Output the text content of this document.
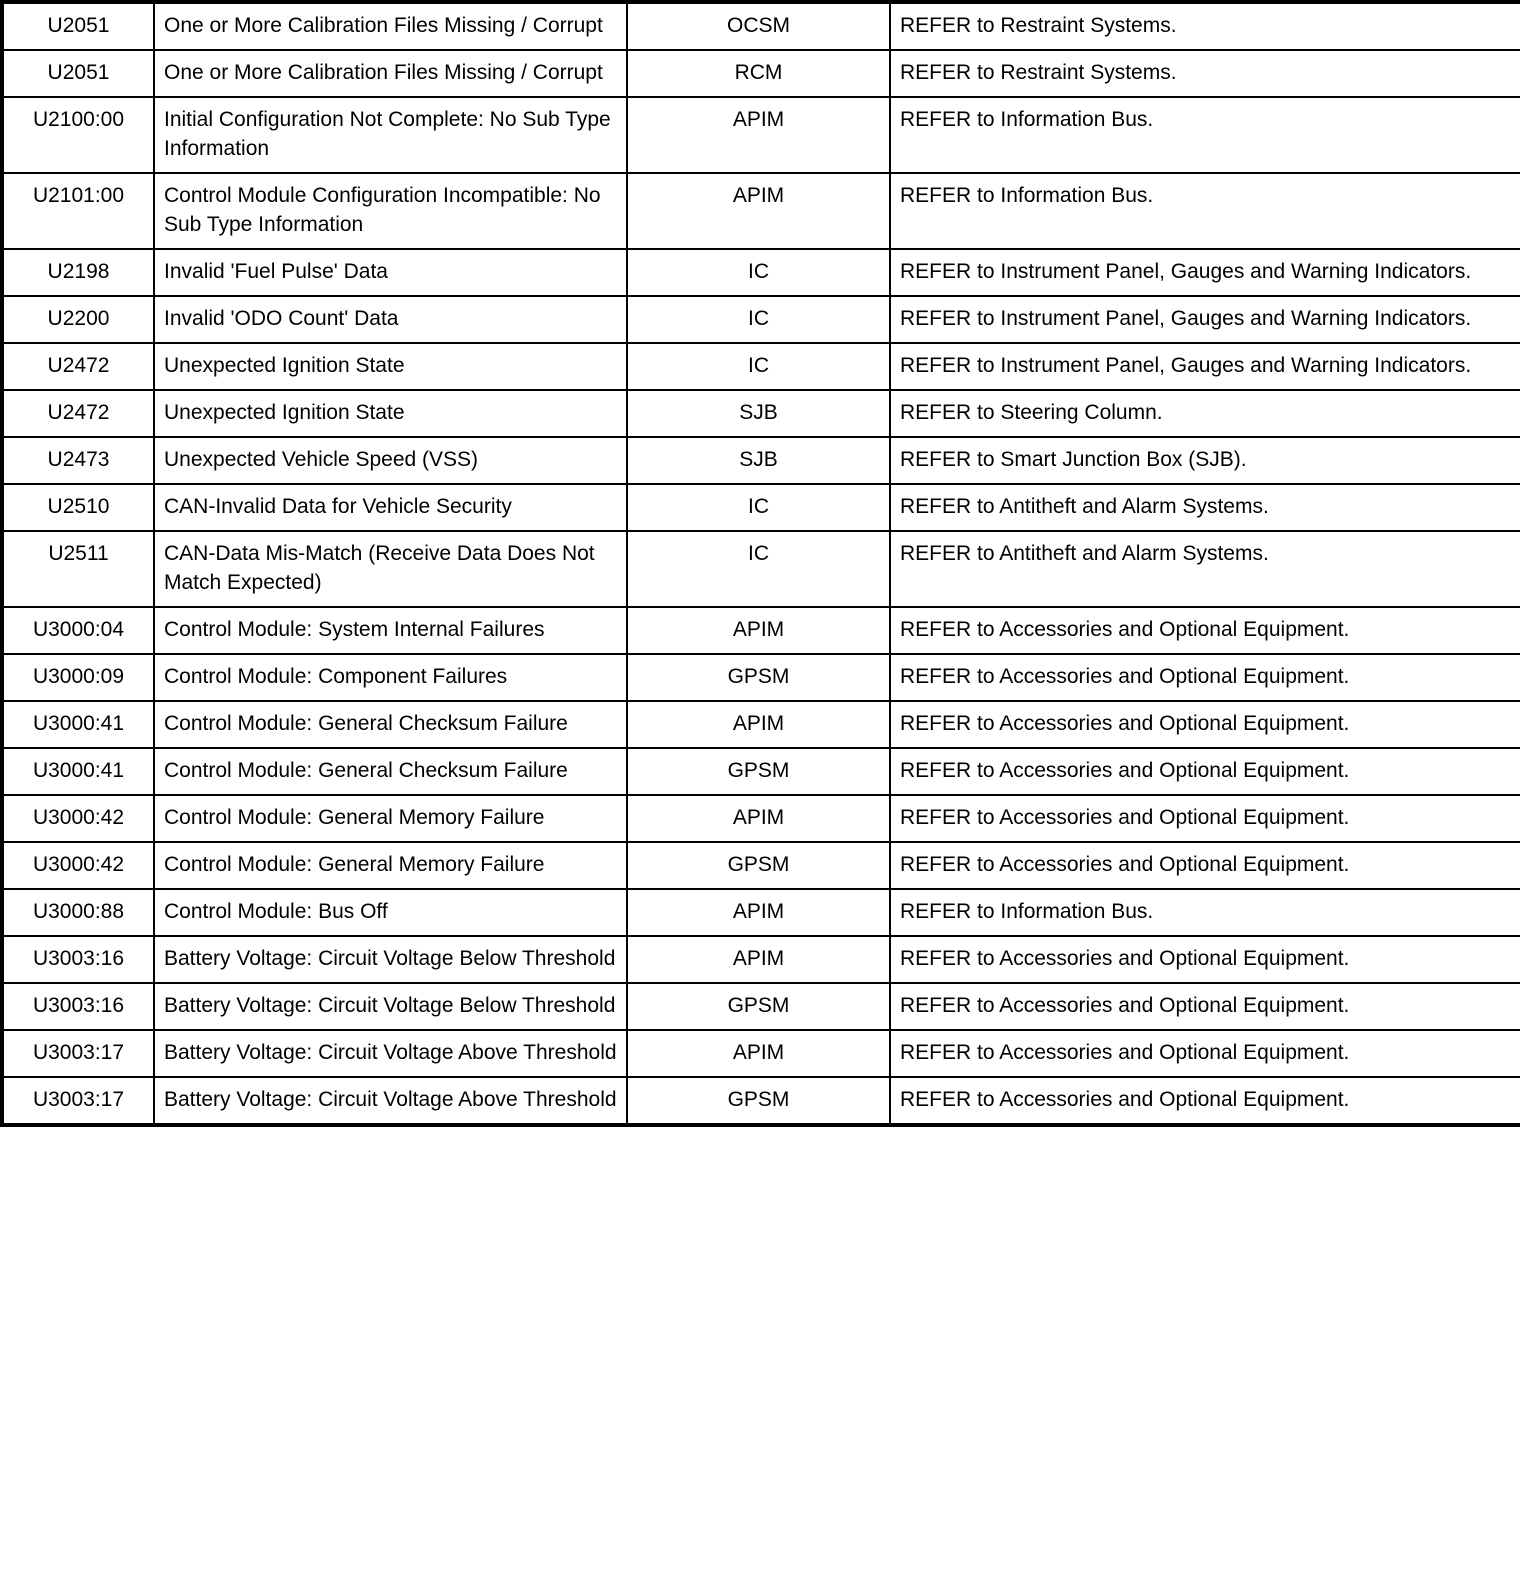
U2051	One or More Calibration Files Missing / Corrupt	OCSM	REFER to Restraint Systems.
U2051	One or More Calibration Files Missing / Corrupt	RCM	REFER to Restraint Systems.
U2100:00	Initial Configuration Not Complete: No Sub Type Information	APIM	REFER to Information Bus.
U2101:00	Control Module Configuration Incompatible: No Sub Type Information	APIM	REFER to Information Bus.
U2198	Invalid 'Fuel Pulse' Data	IC	REFER to Instrument Panel, Gauges and Warning Indicators.
U2200	Invalid 'ODO Count' Data	IC	REFER to Instrument Panel, Gauges and Warning Indicators.
U2472	Unexpected Ignition State	IC	REFER to Instrument Panel, Gauges and Warning Indicators.
U2472	Unexpected Ignition State	SJB	REFER to Steering Column.
U2473	Unexpected Vehicle Speed (VSS)	SJB	REFER to Smart Junction Box (SJB).
U2510	CAN-Invalid Data for Vehicle Security	IC	REFER to Antitheft and Alarm Systems.
U2511	CAN-Data Mis-Match (Receive Data Does Not Match Expected)	IC	REFER to Antitheft and Alarm Systems.
U3000:04	Control Module: System Internal Failures	APIM	REFER to Accessories and Optional Equipment.
U3000:09	Control Module: Component Failures	GPSM	REFER to Accessories and Optional Equipment.
U3000:41	Control Module: General Checksum Failure	APIM	REFER to Accessories and Optional Equipment.
U3000:41	Control Module: General Checksum Failure	GPSM	REFER to Accessories and Optional Equipment.
U3000:42	Control Module: General Memory Failure	APIM	REFER to Accessories and Optional Equipment.
U3000:42	Control Module: General Memory Failure	GPSM	REFER to Accessories and Optional Equipment.
U3000:88	Control Module: Bus Off	APIM	REFER to Information Bus.
U3003:16	Battery Voltage: Circuit Voltage Below Threshold	APIM	REFER to Accessories and Optional Equipment.
U3003:16	Battery Voltage: Circuit Voltage Below Threshold	GPSM	REFER to Accessories and Optional Equipment.
U3003:17	Battery Voltage: Circuit Voltage Above Threshold	APIM	REFER to Accessories and Optional Equipment.
U3003:17	Battery Voltage: Circuit Voltage Above Threshold	GPSM	REFER to Accessories and Optional Equipment.
